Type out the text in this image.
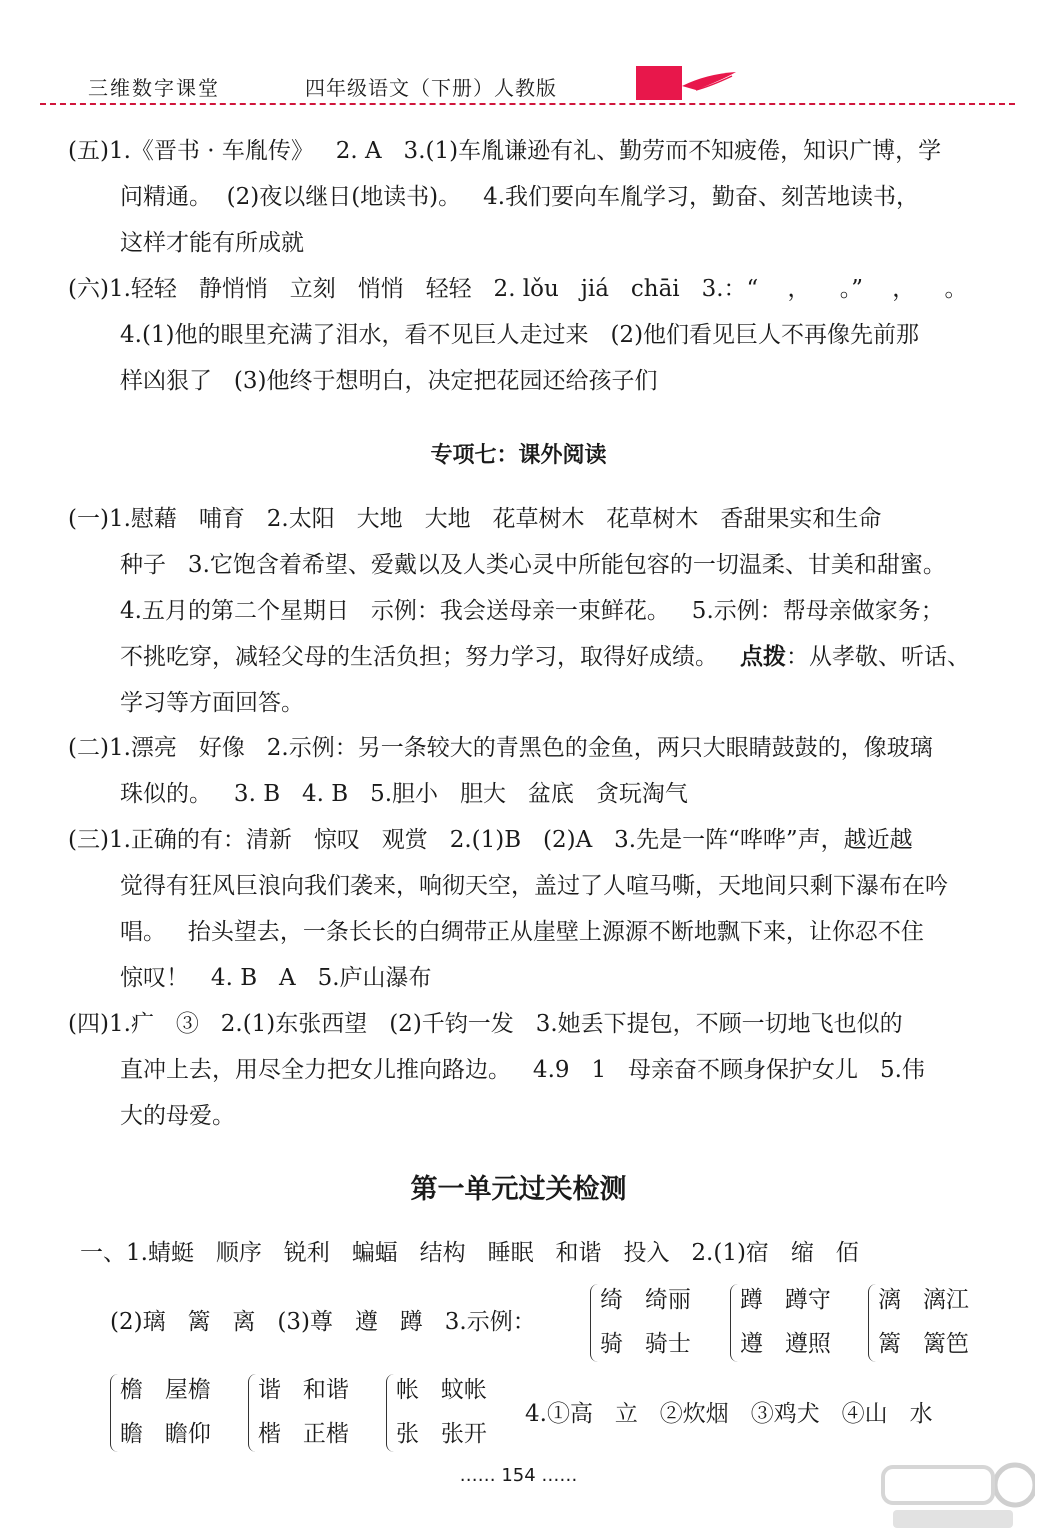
三维数字课堂	四年级语文（下册）人教版
(五)1.《晋书 · 车胤传》   2. A   3.(1)车胤谦逊有礼、勤劳而不知疲倦，知识广博，学
问精通。  (2)夜以继日(地读书)。   4.我们要向车胤学习，勤奋、刻苦地读书，
这样才能有所成就
(六)1.轻轻   静悄悄   立刻   悄悄   轻轻   2. lǒu   jiá   chāi   3.：“    ，    。”    ，    。
4.(1)他的眼里充满了泪水，看不见巨人走过来   (2)他们看见巨人不再像先前那
样凶狠了   (3)他终于想明白，决定把花园还给孩子们
专项七：课外阅读
(一)1.慰藉   哺育   2.太阳   大地   大地   花草树木   花草树木   香甜果实和生命
种子   3.它饱含着希望、爱戴以及人类心灵中所能包容的一切温柔、甘美和甜蜜。
4.五月的第二个星期日   示例：我会送母亲一束鲜花。   5.示例：帮母亲做家务；
不挑吃穿，减轻父母的生活负担；努力学习，取得好成绩。   点拨：从孝敬、听话、
学习等方面回答。
(二)1.漂亮   好像   2.示例：另一条较大的青黑色的金鱼，两只大眼睛鼓鼓的，像玻璃
珠似的。   3. B   4. B   5.胆小   胆大   盆底   贪玩淘气
(三)1.正确的有：清新   惊叹   观赏   2.(1)B   (2)A   3.先是一阵“哗哗”声，越近越
觉得有狂风巨浪向我们袭来，响彻天空，盖过了人喧马嘶，天地间只剩下瀑布在吟
唱。   抬头望去，一条长长的白绸带正从崖壁上源源不断地飘下来，让你忍不住
惊叹！   4. B   A   5.庐山瀑布
(四)1.疒   ③   2.(1)东张西望   (2)千钧一发   3.她丢下提包，不顾一切地飞也似的
直冲上去，用尽全力把女儿推向路边。   4.9   1   母亲奋不顾身保护女儿   5.伟
大的母爱。
第一单元过关检测
一、1.蜻蜓   顺序   锐利   蝙蝠   结构   睡眠   和谐   投入   2.(1)宿   缩   佰
(2)璃   篱   离   (3)尊   遵   蹲   3.示例：
绮   绮丽
骑   骑士
蹲   蹲守
遵   遵照
漓   漓江
篱   篱笆
檐   屋檐
瞻   瞻仰
谐   和谐
楷   正楷
帐   蚊帐
张   张开
4.①高   立   ②炊烟   ③鸡犬   ④山   水
…… 154 ……
